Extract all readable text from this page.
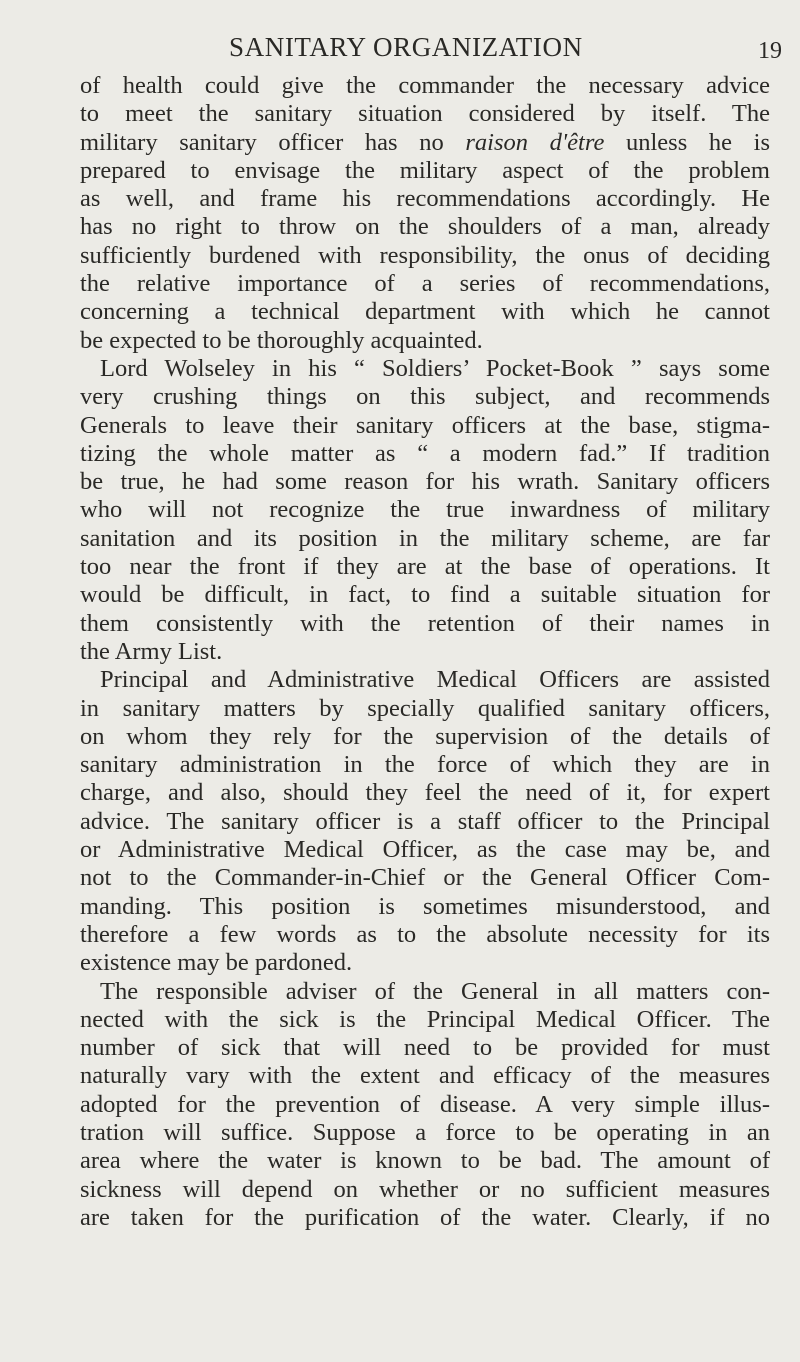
SANITARY ORGANIZATION	19
of health could give the commander the necessary advice
to meet the sanitary situation considered by itself. The
military sanitary officer has no raison d'être unless he is
prepared to envisage the military aspect of the problem
as well, and frame his recommendations accordingly. He
has no right to throw on the shoulders of a man, already
sufficiently burdened with responsibility, the onus of deciding
the relative importance of a series of recommendations,
concerning a technical department with which he cannot
be expected to be thoroughly acquainted.
Lord Wolseley in his “ Soldiers’ Pocket-Book ” says some
very crushing things on this subject, and recommends
Generals to leave their sanitary officers at the base, stigma-
tizing the whole matter as “ a modern fad.” If tradition
be true, he had some reason for his wrath. Sanitary officers
who will not recognize the true inwardness of military
sanitation and its position in the military scheme, are far
too near the front if they are at the base of operations. It
would be difficult, in fact, to find a suitable situation for
them consistently with the retention of their names in
the Army List.
Principal and Administrative Medical Officers are assisted
in sanitary matters by specially qualified sanitary officers,
on whom they rely for the supervision of the details of
sanitary administration in the force of which they are in
charge, and also, should they feel the need of it, for expert
advice. The sanitary officer is a staff officer to the Principal
or Administrative Medical Officer, as the case may be, and
not to the Commander-in-Chief or the General Officer Com-
manding. This position is sometimes misunderstood, and
therefore a few words as to the absolute necessity for its
existence may be pardoned.
The responsible adviser of the General in all matters con-
nected with the sick is the Principal Medical Officer. The
number of sick that will need to be provided for must
naturally vary with the extent and efficacy of the measures
adopted for the prevention of disease. A very simple illus-
tration will suffice. Suppose a force to be operating in an
area where the water is known to be bad. The amount of
sickness will depend on whether or no sufficient measures
are taken for the purification of the water. Clearly, if no
